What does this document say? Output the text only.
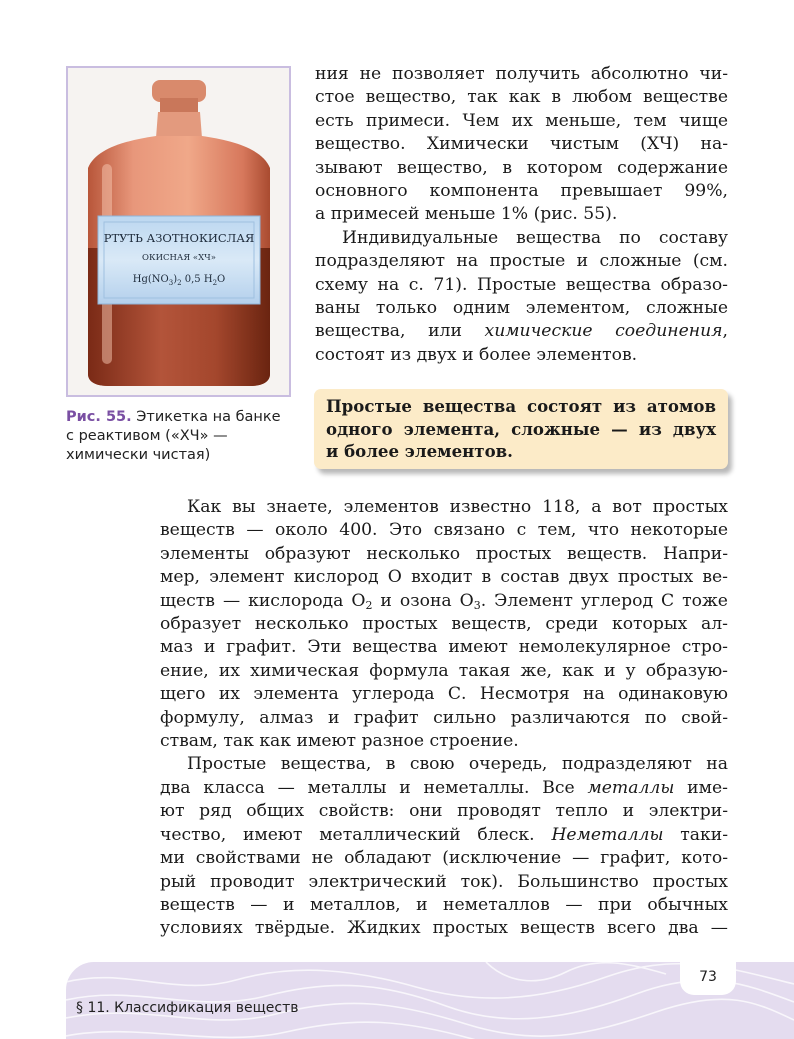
РТУТЬ АЗОТНОКИСЛАЯ
ОКИСНАЯ «ХЧ»
$Hg(NO_3)_2$ 0,5 $H_2O$
Рис. 55. Этикетка на банке
с реактивом («ХЧ» —
химически чистая)

ния не позволяет получить абсолютно чи-
стое вещество, так как в любом веществе
есть примеси. Чем их меньше, тем чище
вещество. Химически чистым (ХЧ) на-
зывают вещество, в котором содержание
основного компонента превышает 99%,
а примесей меньше 1% (рис. 55).

Индивидуальные вещества по составу
подразделяют на простые и сложные (см.
схему на с. 71). Простые вещества образо-
ваны только одним элементом, сложные
вещества, или химические соединения,
состоят из двух и более элементов.

Простые вещества состоят из атомов
одного элемента, сложные — из двух
и более элементов.

Как вы знаете, элементов известно 118, а вот простых
веществ — около 400. Это связано с тем, что некоторые
элементы образуют несколько простых веществ. Напри-
мер, элемент кислород О входит в состав двух простых ве-
ществ — кислорода $О_2$ и озона $О_3$. Элемент углерод С тоже
образует несколько простых веществ, среди которых ал-
маз и графит. Эти вещества имеют немолекулярное стро-
ение, их химическая формула такая же, как и у образую-
щего их элемента углерода С. Несмотря на одинаковую
формулу, алмаз и графит сильно различаются по свой-
ствам, так как имеют разное строение.

Простые вещества, в свою очередь, подразделяют на
два класса — металлы и неметаллы. Все металлы име-
ют ряд общих свойств: они проводят тепло и электри-
чество, имеют металлический блеск. Неметаллы таки-
ми свойствами не обладают (исключение — графит, кото-
рый проводит электрический ток). Большинство простых
веществ — и металлов, и неметаллов — при обычных
условиях твёрдые. Жидких простых веществ всего два —

73
§ 11. Классификация веществ
